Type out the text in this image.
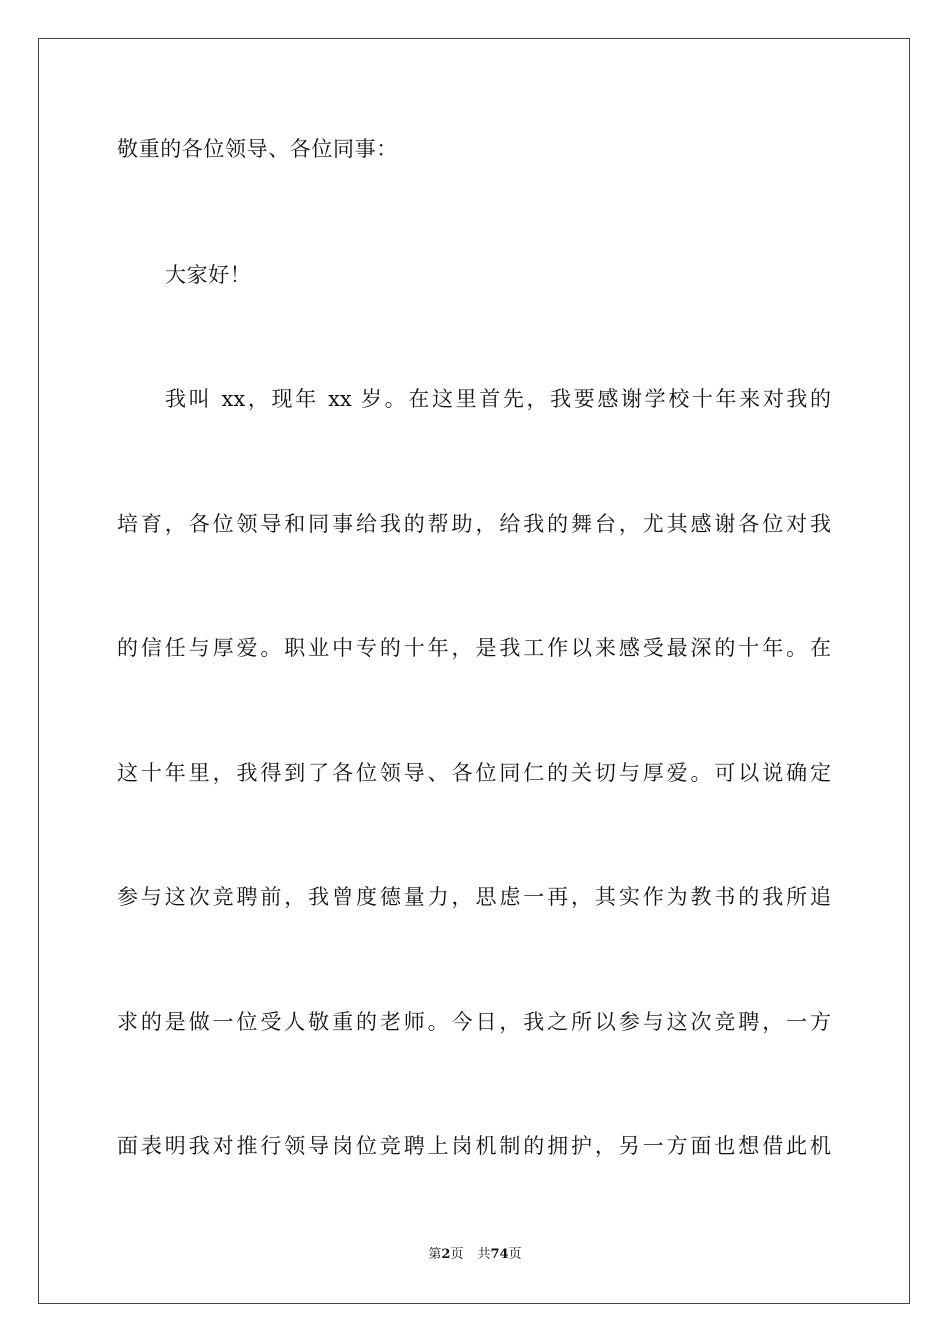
敬重的各位领导、各位同事：
大家好！
我叫 xx，现年 xx 岁。在这里首先，我要感谢学校十年来对我的
培育，各位领导和同事给我的帮助，给我的舞台，尤其感谢各位对我
的信任与厚爱。职业中专的十年，是我工作以来感受最深的十年。在
这十年里，我得到了各位领导、各位同仁的关切与厚爱。可以说确定
参与这次竞聘前，我曾度德量力，思虑一再，其实作为教书的我所追
求的是做一位受人敬重的老师。今日，我之所以参与这次竞聘，一方
面表明我对推行领导岗位竞聘上岗机制的拥护，另一方面也想借此机
第2页 共74页
